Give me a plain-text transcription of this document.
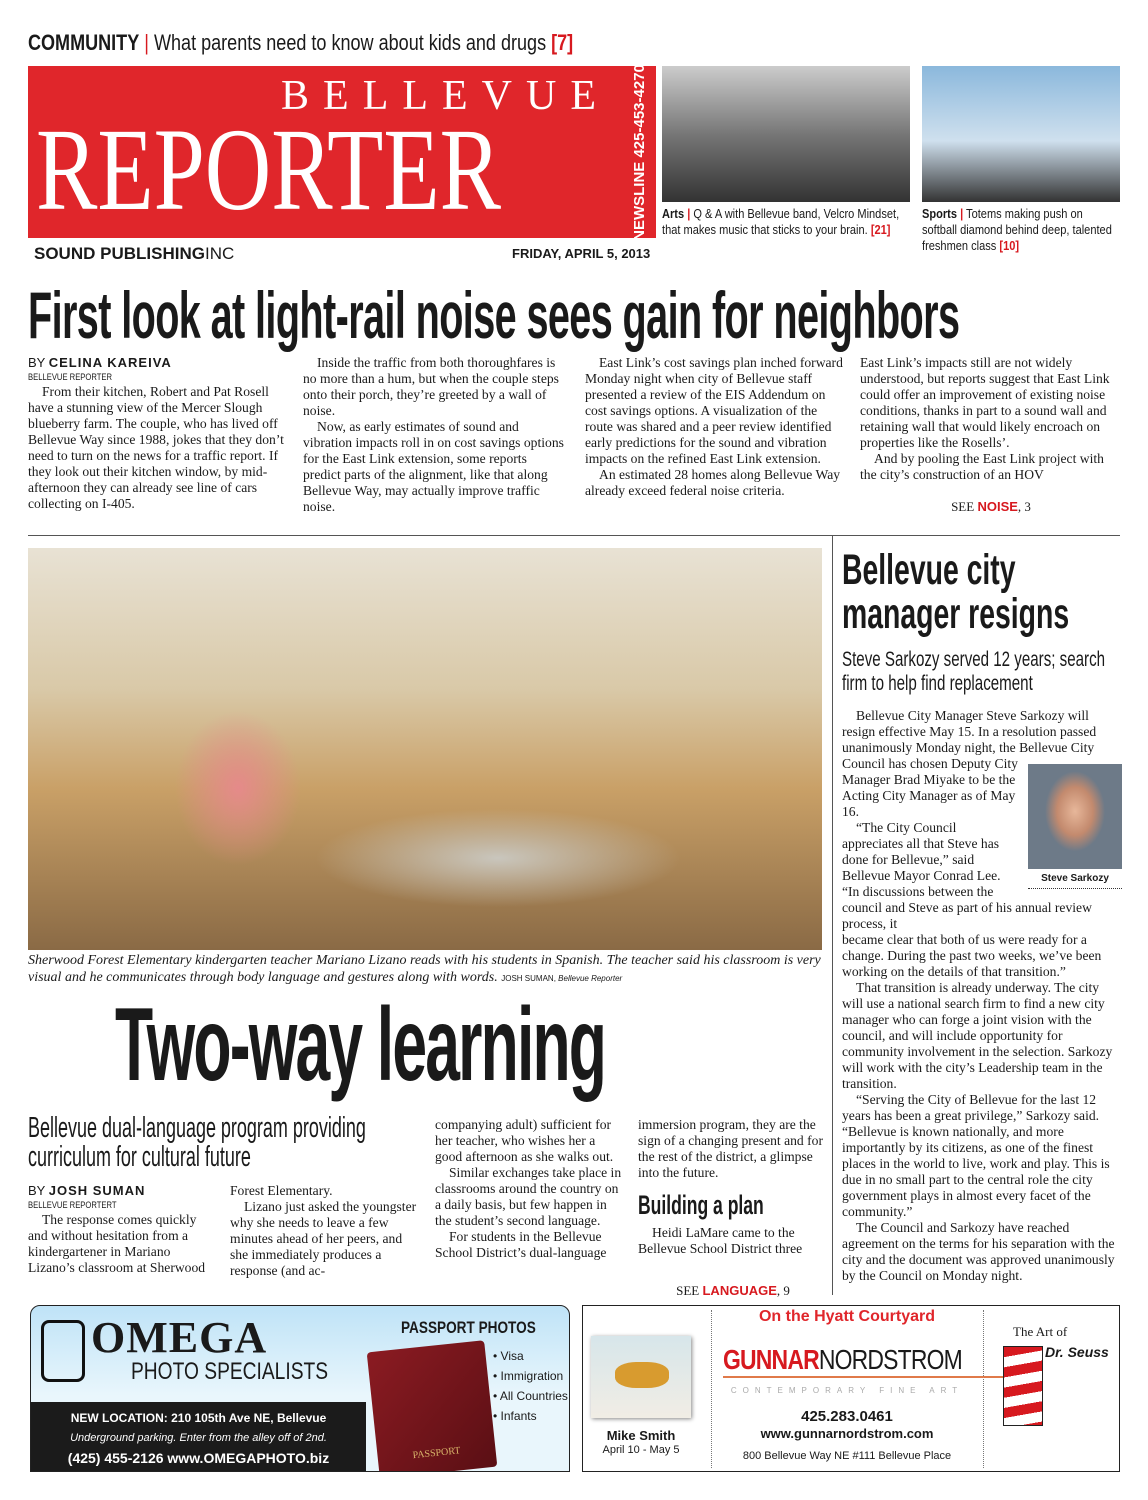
COMMUNITY | What parents need to know about kids and drugs [7]
BELLEVUE
REPORTER	NEWSLINE 425-453-4270
SOUND PUBLISHINGINC	FRIDAY, APRIL 5, 2013
Arts | Q & A with Bellevue band, Velcro Mindset, that makes music that sticks to your brain. [21]
Sports | Totems making push on softball diamond behind deep, talented freshmen class [10]
First look at light-rail noise sees gain for neighbors
BY CELINA KAREIVA
BELLEVUE REPORTER

From their kitchen, Robert and Pat Rosell have a stunning view of the Mercer Slough blueberry farm. The couple, who has lived off Bellevue Way since 1988, jokes that they don’t need to turn on the news for a traffic report. If they look out their kitchen window, by mid-afternoon they can already see line of cars collecting on I-405.

Inside the traffic from both thoroughfares is no more than a hum, but when the couple steps onto their porch, they’re greeted by a wall of noise.

Now, as early estimates of sound and vibration impacts roll in on cost savings options for the East Link extension, some reports predict parts of the alignment, like that along Bellevue Way, may actually improve traffic noise.

East Link’s cost savings plan inched forward Monday night when city of Bellevue staff presented a review of the EIS Addendum on cost savings options. A visualization of the route was shared and a peer review identified early predictions for the sound and vibration impacts on the refined East Link extension.

An estimated 28 homes along Bellevue Way already exceed federal noise criteria.

East Link’s impacts still are not widely understood, but reports suggest that East Link could offer an improvement of existing noise conditions, thanks in part to a sound wall and retaining wall that would likely encroach on properties like the Rosells’.

And by pooling the East Link project with the city’s construction of an HOV

SEE NOISE, 3
Sherwood Forest Elementary kindergarten teacher Mariano Lizano reads with his students in Spanish. The teacher said his classroom is very visual and he communicates through body language and gestures along with words. JOSH SUMAN, Bellevue Reporter
Two-way learning
Bellevue dual-language program providing curriculum for cultural future
BY JOSH SUMAN
BELLEVUE REPORTERT

The response comes quickly and without hesitation from a kindergartener in Mariano Lizano’s classroom at Sherwood

Forest Elementary.

Lizano just asked the youngster why she needs to leave a few minutes ahead of her peers, and she immediately produces a response (and ac-

companying adult) sufficient for her teacher, who wishes her a good afternoon as she walks out.

Similar exchanges take place in classrooms around the country on a daily basis, but few happen in the student’s second language.

For students in the Bellevue School District’s dual-language

immersion program, they are the sign of a changing present and for the rest of the district, a glimpse into the future.

Building a plan

Heidi LaMare came to the Bellevue School District three

SEE LANGUAGE, 9
Bellevue city manager resigns
Steve Sarkozy served 12 years; search firm to help find replacement

Bellevue City Manager Steve Sarkozy will resign effective May 15. In a resolution passed unanimously Monday night, the Bellevue City

Steve Sarkozy

Council has chosen Deputy City Manager Brad Miyake to be the Acting City Manager as of May 16.

“The City Council appreciates all that Steve has done for Bellevue,” said Bellevue Mayor Conrad Lee. “In discussions between the council and Steve as part of his annual review process, it

became clear that both of us were ready for a change. During the past two weeks, we’ve been working on the details of that transition.”

That transition is already underway. The city will use a national search firm to find a new city manager who can forge a joint vision with the council, and will include opportunity for community involvement in the selection. Sarkozy will work with the city’s Leadership team in the transition.

“Serving the City of Bellevue for the last 12 years has been a great privilege,” Sarkozy said. “Bellevue is known nationally, and more importantly by its citizens, as one of the finest places in the world to live, work and play. This is due in no small part to the central role the city government plays in almost every facet of the community.”

The Council and Sarkozy have reached agreement on the terms for his separation with the city and the document was approved unanimously by the Council on Monday night.

OMEGA
PHOTO SPECIALISTS
PASSPORT PHOTOS
NEW LOCATION: 210 105th Ave NE, Bellevue
Underground parking. Enter from the alley off of 2nd.
(425) 455-2126 www.OMEGAPHOTO.biz	PASSPORT
• Visa
• Immigration
• All Countries
• Infants
Mike Smith
April 10 - May 5
On the Hyatt Courtyard
GUNNARNORDSTROM
CONTEMPORARY FINE ART
425.283.0461
www.gunnarnordstrom.com
800 Bellevue Way NE #111 Bellevue Place
The Art of
Dr. Seuss
